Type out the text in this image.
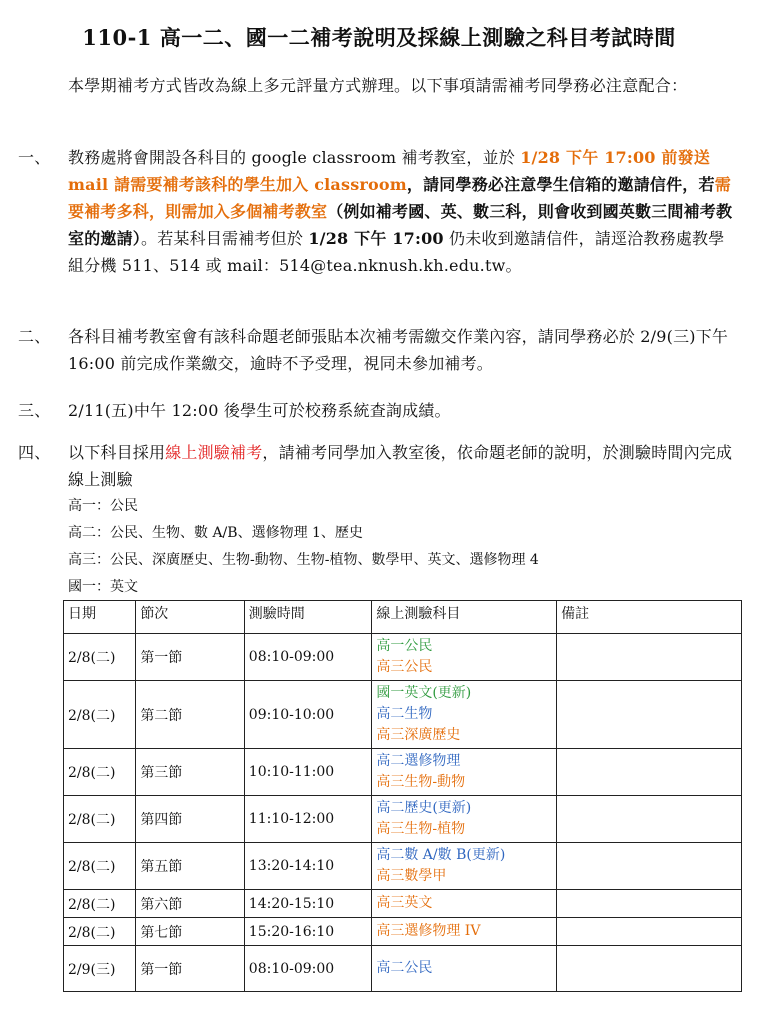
110-1 高一二、國一二補考說明及採線上測驗之科目考試時間
本學期補考方式皆改為線上多元評量方式辦理。以下事項請需補考同學務必注意配合：
一、 教務處將會開設各科目的 google classroom 補考教室，並於 1/28 下午 17:00 前發送 mail 請需要補考該科的學生加入 classroom，請同學務必注意學生信箱的邀請信件，若需要補考多科，則需加入多個補考教室（例如補考國、英、數三科，則會收到國英數三間補考教室的邀請）。若某科目需補考但於 1/28 下午 17:00 仍未收到邀請信件，請逕洽教務處教學組分機 511、514 或 mail：514@tea.nknush.kh.edu.tw。
二、 各科目補考教室會有該科命題老師張貼本次補考需繳交作業內容，請同學務必於 2/9(三)下午 16:00 前完成作業繳交，逾時不予受理，視同未參加補考。
三、 2/11(五)中午 12:00 後學生可於校務系統查詢成績。
四、 以下科目採用線上測驗補考，請補考同學加入教室後，依命題老師的說明，於測驗時間內完成線上測驗
高一：公民
高二：公民、生物、數 A/B、選修物理 1、歷史
高三：公民、深廣歷史、生物-動物、生物-植物、數學甲、英文、選修物理 4
國一：英文
日期	節次	測驗時間	線上測驗科目	備註
2/8(二)	第一節	08:10-09:00	高一公民
高三公民	

2/8(二)	第二節	09:10-10:00	國一英文(更新)
高二生物
高三深廣歷史	

2/8(二)	第三節	10:10-11:00	高二選修物理
高三生物-動物	

2/8(二)	第四節	11:10-12:00	高二歷史(更新)
高三生物-植物	

2/8(二)	第五節	13:20-14:10	高二數 A/數 B(更新)
高三數學甲	

2/8(二)	第六節	14:20-15:10	高三英文	

2/8(二)	第七節	15:20-16:10	高三選修物理 IV	

2/9(三)	第一節	08:10-09:00	高二公民	
